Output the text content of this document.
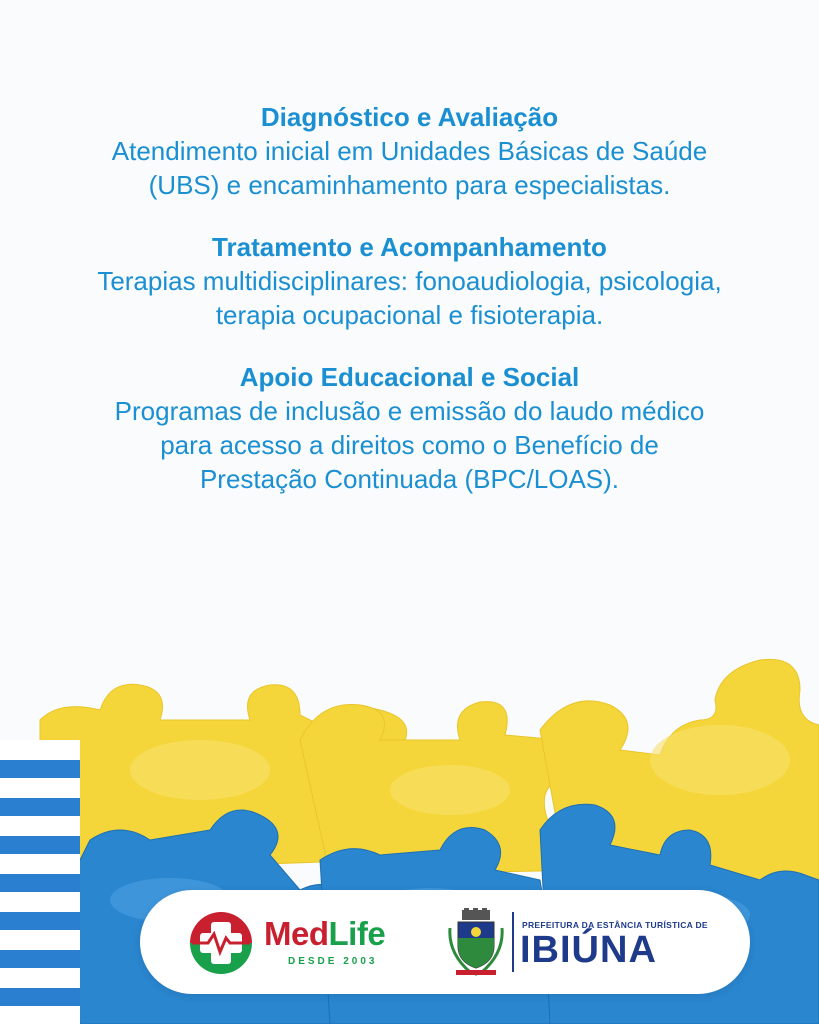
Diagnóstico e Avaliação

Atendimento inicial em Unidades Básicas de Saúde (UBS) e encaminhamento para especialistas.

Tratamento e Acompanhamento

Terapias multidisciplinares: fonoaudiologia, psicologia, terapia ocupacional e fisioterapia.

Apoio Educacional e Social

Programas de inclusão e emissão do laudo médico para acesso a direitos como o Benefício de Prestação Continuada (BPC/LOAS).

MedLife
DESDE 2003
PREFEITURA DA ESTÂNCIA TURÍSTICA DE
IBIÚNA
